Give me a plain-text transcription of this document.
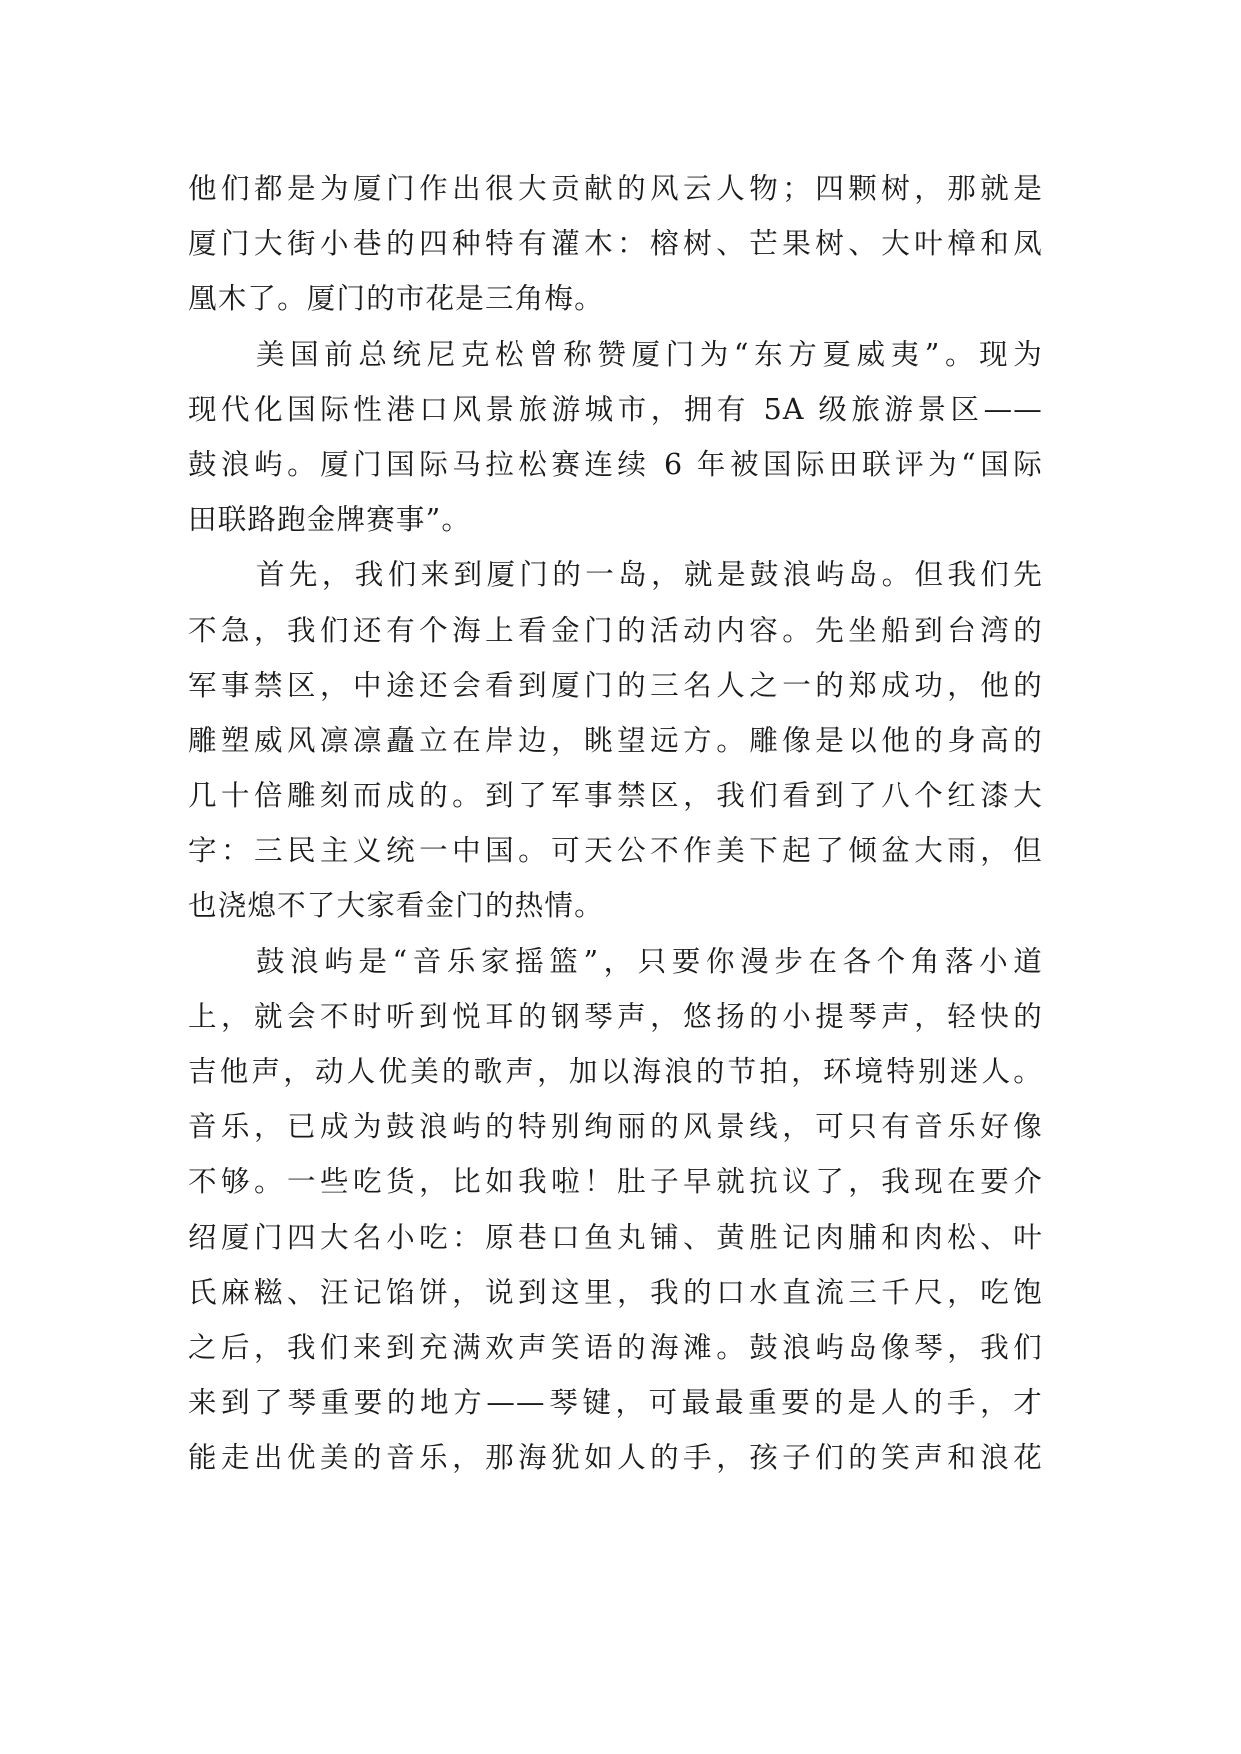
他们都是为厦门作出很大贡献的风云人物；四颗树，那就是
厦门大街小巷的四种特有灌木：榕树、芒果树、大叶樟和凤
凰木了。厦门的市花是三角梅。
美国前总统尼克松曾称赞厦门为“东方夏威夷”。现为
现代化国际性港口风景旅游城市，拥有 5A 级旅游景区——
鼓浪屿。厦门国际马拉松赛连续 6 年被国际田联评为“国际
田联路跑金牌赛事”。
首先，我们来到厦门的一岛，就是鼓浪屿岛。但我们先
不急，我们还有个海上看金门的活动内容。先坐船到台湾的
军事禁区，中途还会看到厦门的三名人之一的郑成功，他的
雕塑威风凛凛矗立在岸边，眺望远方。雕像是以他的身高的
几十倍雕刻而成的。到了军事禁区，我们看到了八个红漆大
字：三民主义统一中国。可天公不作美下起了倾盆大雨，但
也浇熄不了大家看金门的热情。
鼓浪屿是“音乐家摇篮”，只要你漫步在各个角落小道
上，就会不时听到悦耳的钢琴声，悠扬的小提琴声，轻快的
吉他声，动人优美的歌声，加以海浪的节拍，环境特别迷人。
音乐，已成为鼓浪屿的特别绚丽的风景线，可只有音乐好像
不够。一些吃货，比如我啦！肚子早就抗议了，我现在要介
绍厦门四大名小吃：原巷口鱼丸铺、黄胜记肉脯和肉松、叶
氏麻糍、汪记馅饼，说到这里，我的口水直流三千尺，吃饱
之后，我们来到充满欢声笑语的海滩。鼓浪屿岛像琴，我们
来到了琴重要的地方——琴键，可最最重要的是人的手，才
能走出优美的音乐，那海犹如人的手，孩子们的笑声和浪花
